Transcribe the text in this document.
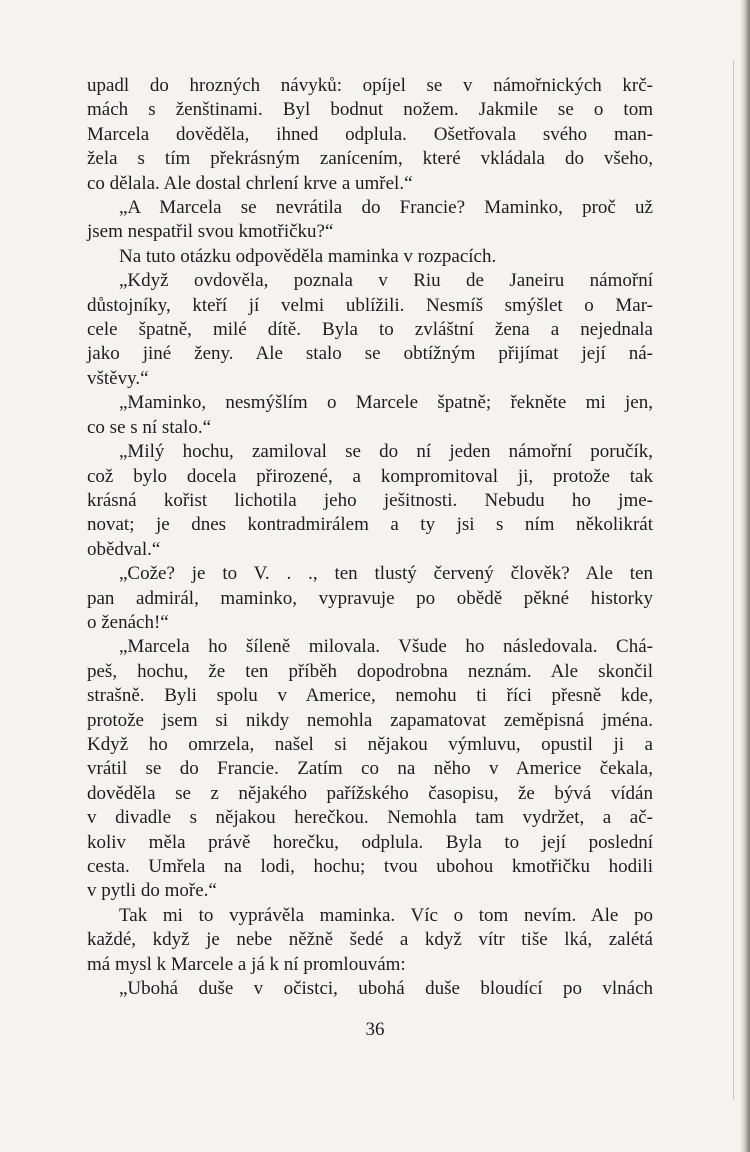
upadl do hrozných návyků: opíjel se v námořnických krč-
mách s ženštinami. Byl bodnut nožem. Jakmile se o tom
Marcela dověděla, ihned odplula. Ošetřovala svého man-
žela s tím překrásným zanícením, které vkládala do všeho,
co dělala. Ale dostal chrlení krve a umřel.“
„A Marcela se nevrátila do Francie? Maminko, proč už
jsem nespatřil svou kmotřičku?“
Na tuto otázku odpověděla maminka v rozpacích.
„Když ovdověla, poznala v Riu de Janeiru námořní
důstojníky, kteří jí velmi ublížili. Nesmíš smýšlet o Mar-
cele špatně, milé dítě. Byla to zvláštní žena a nejednala
jako jiné ženy. Ale stalo se obtížným přijímat její ná-
vštěvy.“
„Maminko, nesmýšlím o Marcele špatně; řekněte mi jen,
co se s ní stalo.“
„Milý hochu, zamiloval se do ní jeden námořní poručík,
což bylo docela přirozené, a kompromitoval ji, protože tak
krásná kořist lichotila jeho ješitnosti. Nebudu ho jme-
novat; je dnes kontradmirálem a ty jsi s ním několikrát
obědval.“
„Cože? je to V. . ., ten tlustý červený člověk? Ale ten
pan admirál, maminko, vypravuje po obědě pěkné historky
o ženách!“
„Marcela ho šíleně milovala. Všude ho následovala. Chá-
peš, hochu, že ten příběh dopodrobna neznám. Ale skončil
strašně. Byli spolu v Americe, nemohu ti říci přesně kde,
protože jsem si nikdy nemohla zapamatovat zeměpisná jména.
Když ho omrzela, našel si nějakou výmluvu, opustil ji a
vrátil se do Francie. Zatím co na něho v Americe čekala,
dověděla se z nějakého pařížského časopisu, že bývá vídán
v divadle s nějakou herečkou. Nemohla tam vydržet, a ač-
koliv měla právě horečku, odplula. Byla to její poslední
cesta. Umřela na lodi, hochu; tvou ubohou kmotřičku hodili
v pytli do moře.“
Tak mi to vyprávěla maminka. Víc o tom nevím. Ale po
každé, když je nebe něžně šedé a když vítr tiše lká, zalétá
má mysl k Marcele a já k ní promlouvám:
„Ubohá duše v očistci, ubohá duše bloudící po vlnách
36
